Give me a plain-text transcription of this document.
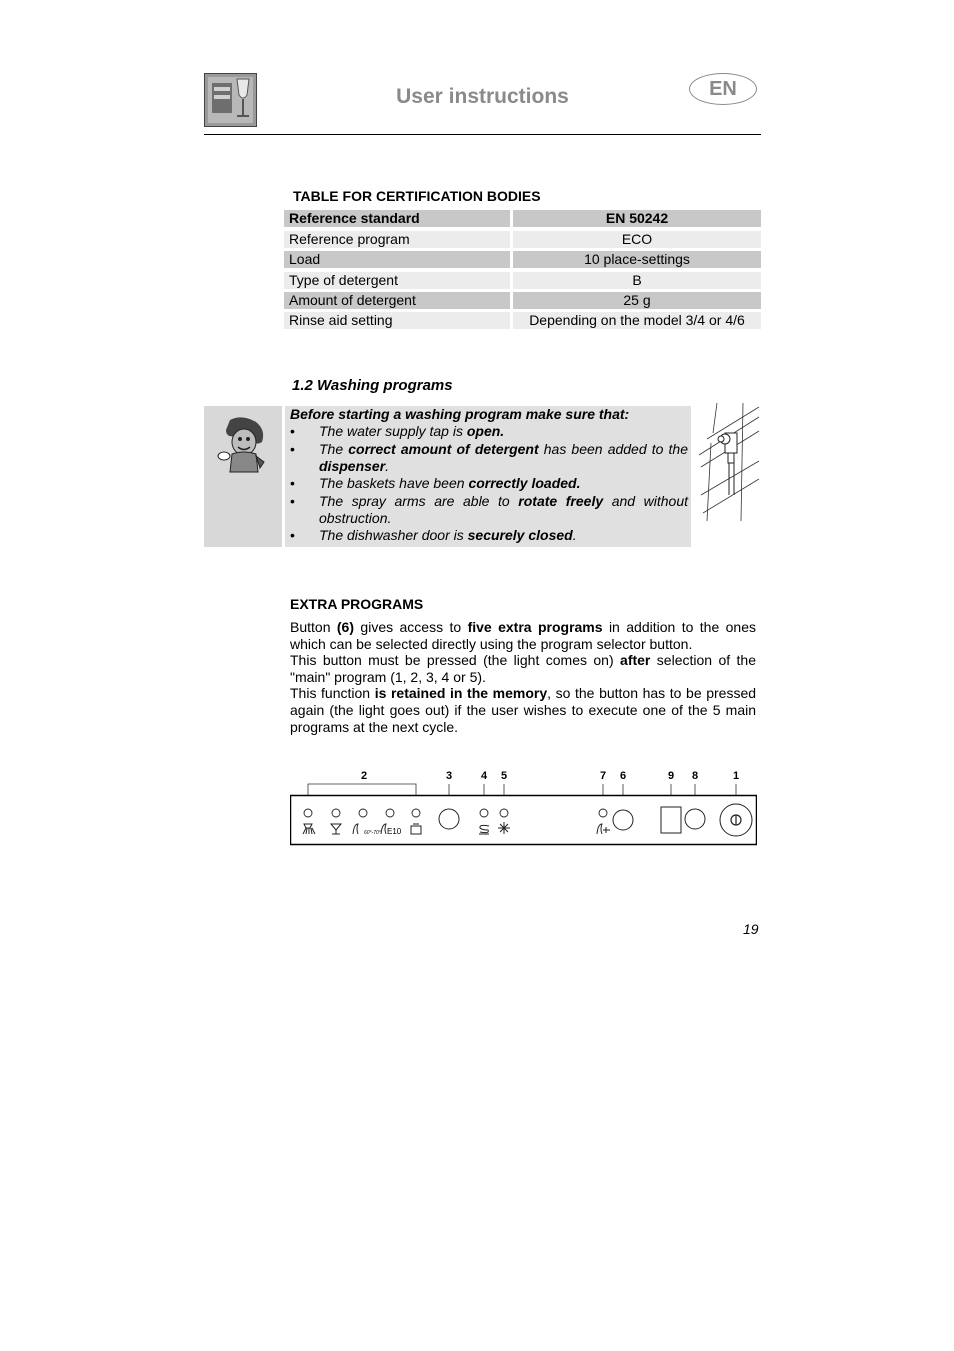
User instructions	EN
TABLE FOR CERTIFICATION BODIES
Reference standard	EN 50242
Reference program	ECO
Load	10 place-settings
Type of detergent	B
Amount of detergent	25 g
Rinse aid setting	Depending on the model 3/4 or 4/6
1.2 Washing programs
Before starting a washing program make sure that:
• The water supply tap is open.
• The correct amount of detergent has been added to the dispenser.
• The baskets have been correctly loaded.
• The spray arms are able to rotate freely and without obstruction.
• The dishwasher door is securely closed.
EXTRA PROGRAMS
Button (6) gives access to five extra programs in addition to the ones which can be selected directly using the program selector button.
This button must be pressed (the light comes on) after selection of the "main" program (1, 2, 3, 4 or 5).
This function is retained in the memory, so the button has to be pressed again (the light goes out) if the user wishes to execute one of the 5 main programs at the next cycle.
2	3	4 5	7 6	9 8	1
60°-70° E10
19
